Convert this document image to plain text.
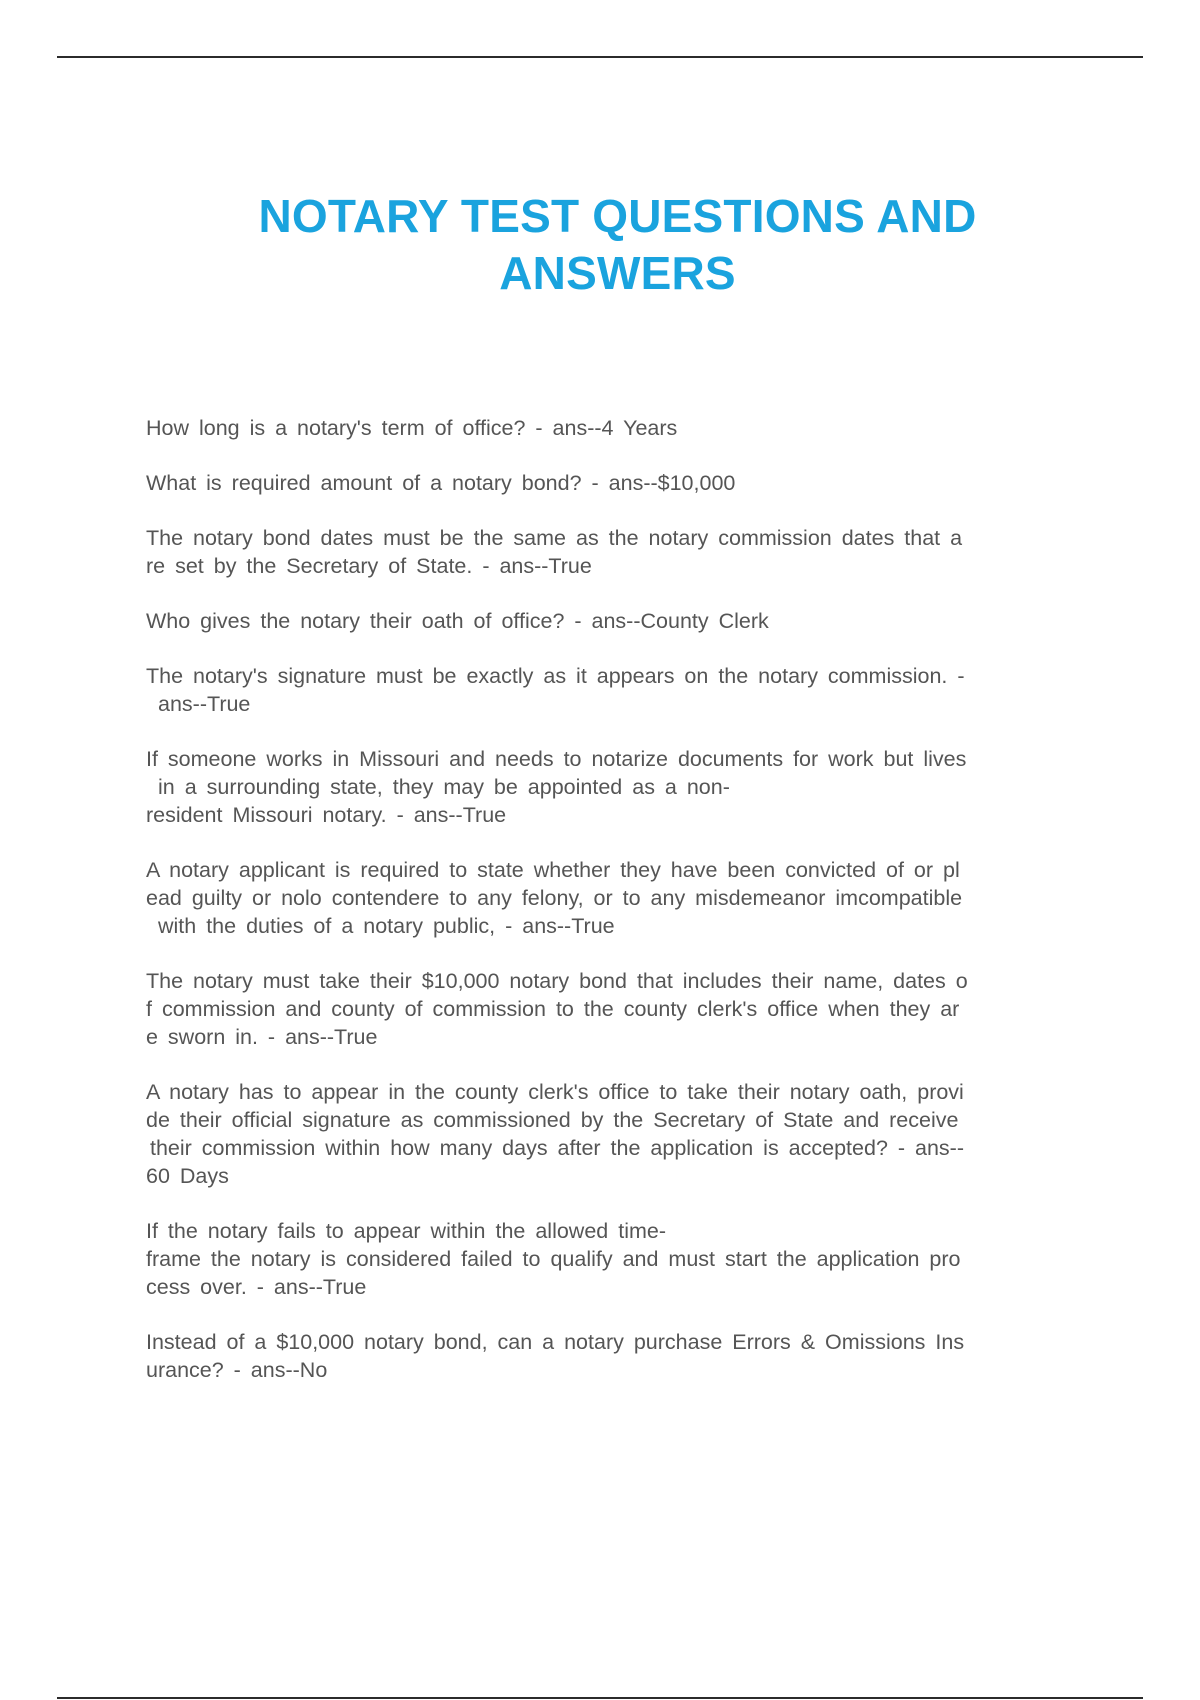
NOTARY TEST QUESTIONS AND
ANSWERS
How long is a notary's term of office? - ans--4 Years
What is required amount of a notary bond? - ans--$10,000
The notary bond dates must be the same as the notary commission dates that a
re set by the Secretary of State. - ans--True
Who gives the notary their oath of office? - ans--County Clerk
The notary's signature must be exactly as it appears on the notary commission. -
ans--True
If someone works in Missouri and needs to notarize documents for work but lives
in a surrounding state, they may be appointed as a non-
resident Missouri notary. - ans--True
A notary applicant is required to state whether they have been convicted of or pl
ead guilty or nolo contendere to any felony, or to any misdemeanor imcompatible
with the duties of a notary public, - ans--True
The notary must take their $10,000 notary bond that includes their name, dates o
f commission and county of commission to the county clerk's office when they ar
e sworn in. - ans--True
A notary has to appear in the county clerk's office to take their notary oath, provi
de their official signature as commissioned by the Secretary of State and receive
their commission within how many days after the application is accepted? - ans--
60 Days
If the notary fails to appear within the allowed time-
frame the notary is considered failed to qualify and must start the application pro
cess over. - ans--True
Instead of a $10,000 notary bond, can a notary purchase Errors & Omissions Ins
urance? - ans--No
